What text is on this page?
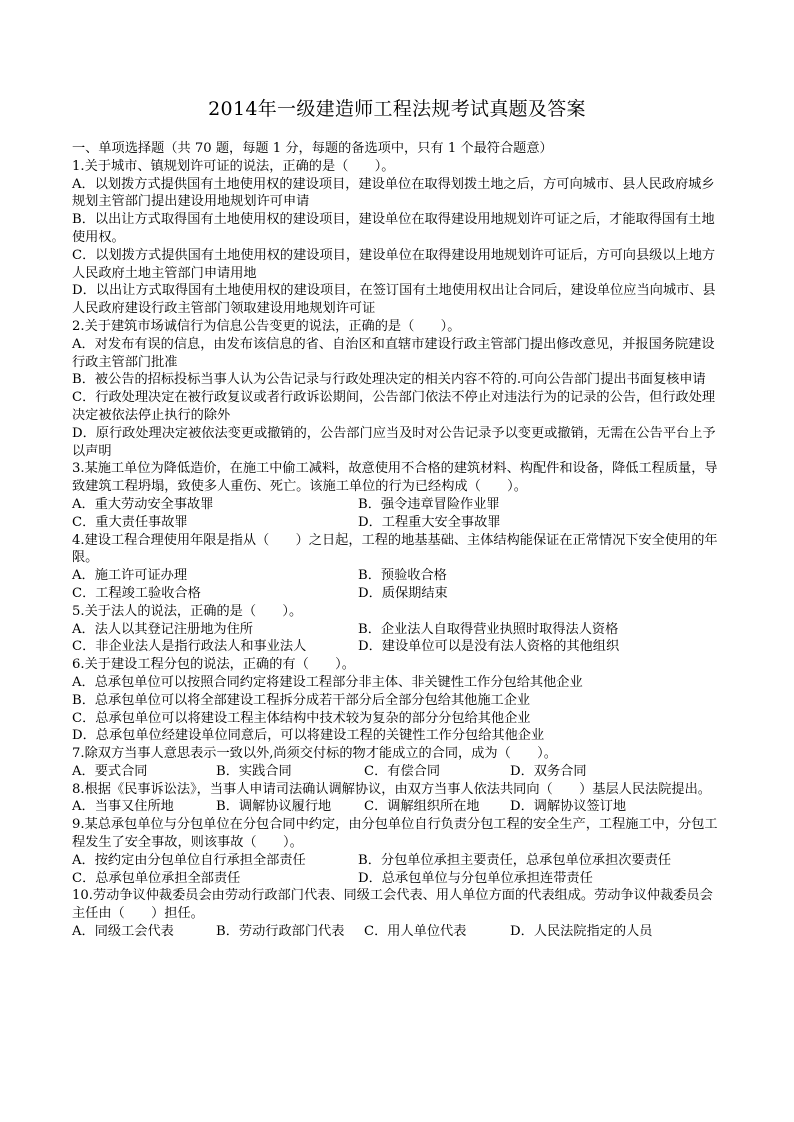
2014年一级建造师工程法规考试真题及答案
一、单项选择题（共 70 题，每题 1 分，每题的备选项中，只有 1 个最符合题意）
1.关于城市、镇规划许可证的说法，正确的是（　　）。
A．以划拨方式提供国有土地使用权的建设项目，建设单位在取得划拨土地之后，方可向城市、县人民政府城乡规划主管部门提出建设用地规划许可申请
B．以出让方式取得国有土地使用权的建设项目，建设单位在取得建设用地规划许可证之后，才能取得国有土地使用权。
C．以划拨方式提供国有土地使用权的建设项目，建设单位在取得建设用地规划许可证后，方可向县级以上地方人民政府土地主管部门申请用地
D．以出让方式取得国有土地使用权的建设项目，在签订国有土地使用权出让合同后，建设单位应当向城市、县人民政府建设行政主管部门领取建设用地规划许可证
2.关于建筑市场诚信行为信息公告变更的说法，正确的是（　　）。
A．对发布有误的信息，由发布该信息的省、自治区和直辖市建设行政主管部门提出修改意见，并报国务院建设行政主管部门批准
B．被公告的招标投标当事人认为公告记录与行政处理决定的相关内容不符的.可向公告部门提出书面复核申请
C．行政处理决定在被行政复议或者行政诉讼期间，公告部门依法不停止对违法行为的记录的公告，但行政处理决定被依法停止执行的除外
D．原行政处理决定被依法变更或撤销的，公告部门应当及时对公告记录予以变更或撤销，无需在公告平台上予以声明
3.某施工单位为降低造价，在施工中偷工减料，故意使用不合格的建筑材料、构配件和设备，降低工程质量，导致建筑工程坍塌，致使多人重伤、死亡。该施工单位的行为已经构成（　　）。
A．重大劳动安全事故罪	B．强令违章冒险作业罪
C．重大责任事故罪	D．工程重大安全事故罪
4.建设工程合理使用年限是指从（　　）之日起，工程的地基基础、主体结构能保证在正常情况下安全使用的年限。
A．施工许可证办理	B．预验收合格
C．工程竣工验收合格	D．质保期结束
5.关于法人的说法，正确的是（　　）。
A．法人以其登记注册地为住所	B．企业法人自取得营业执照时取得法人资格
C．非企业法人是指行政法人和事业法人	D．建设单位可以是没有法人资格的其他组织
6.关于建设工程分包的说法，正确的有（　　）。
A．总承包单位可以按照合同约定将建设工程部分非主体、非关键性工作分包给其他企业
B．总承包单位可以将全部建设工程拆分成若干部分后全部分包给其他施工企业
C．总承包单位可以将建设工程主体结构中技术较为复杂的部分分包给其他企业
D．总承包单位经建设单位同意后，可以将建设工程的关键性工作分包给其他企业
7.除双方当事人意思表示一致以外,尚须交付标的物才能成立的合同，成为（　　）。
A．要式合同	B．实践合同	C．有偿合同	D．双务合同
8.根据《民事诉讼法》，当事人申请司法确认调解协议，由双方当事人依法共同向（　　）基层人民法院提出。
A．当事又住所地	B．调解协议履行地	C．调解组织所在地	D．调解协议签订地
9.某总承包单位与分包单位在分包合同中约定，由分包单位自行负责分包工程的安全生产，工程施工中，分包工程发生了安全事故，则该事故（　　）。
A．按约定由分包单位自行承担全部责任	B．分包单位承担主要责任，总承包单位承担次要责任
C．总承包单位承担全部责任	D．总承包单位与分包单位承担连带责任
10.劳动争议仲裁委员会由劳动行政部门代表、同级工会代表、用人单位方面的代表组成。劳动争议仲裁委员会主任由（　　）担任。
A．同级工会代表	B．劳动行政部门代表	C．用人单位代表	D．人民法院指定的人员
